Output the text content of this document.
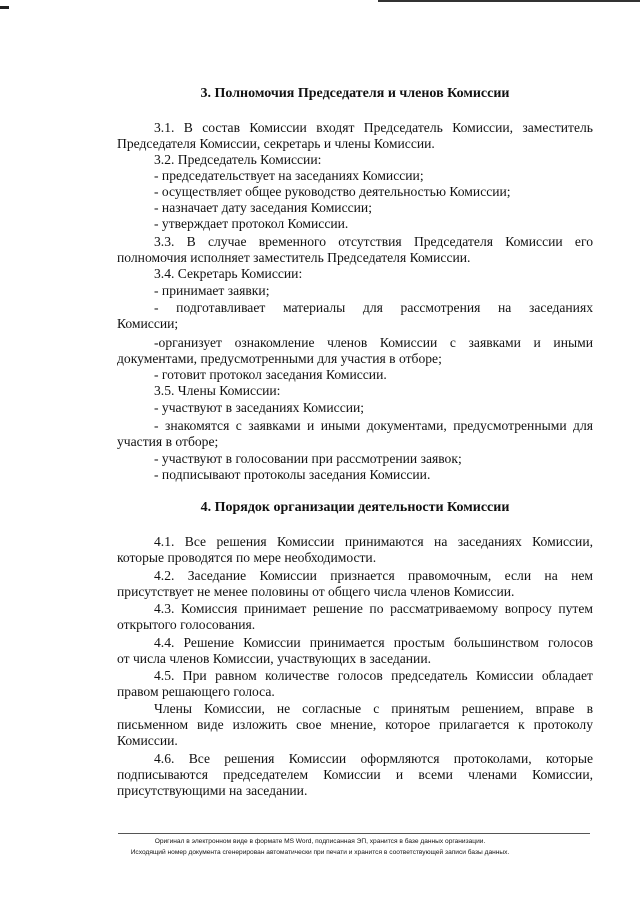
3. Полномочия Председателя и членов Комиссии
3.1. В состав Комиссии входят Председатель Комиссии, заместитель
Председателя Комиссии, секретарь и члены Комиссии.
3.2. Председатель Комиссии:
- председательствует на заседаниях Комиссии;
- осуществляет общее руководство деятельностью Комиссии;
- назначает дату заседания Комиссии;
- утверждает протокол Комиссии.
3.3. В случае временного отсутствия Председателя Комиссии его
полномочия исполняет заместитель Председателя Комиссии.
3.4. Секретарь Комиссии:
- принимает заявки;
- подготавливает материалы для рассмотрения на заседаниях
Комиссии;
-организует ознакомление членов Комиссии с заявками и иными
документами, предусмотренными для участия в отборе;
- готовит протокол заседания Комиссии.
3.5. Члены Комиссии:
- участвуют в заседаниях Комиссии;
- знакомятся с заявками и иными документами, предусмотренными для
участия в отборе;
- участвуют в голосовании при рассмотрении заявок;
- подписывают протоколы заседания Комиссии.
4. Порядок организации деятельности Комиссии
4.1. Все решения Комиссии принимаются на заседаниях Комиссии,
которые проводятся по мере необходимости.
4.2. Заседание Комиссии признается правомочным, если на нем
присутствует не менее половины от общего числа членов Комиссии.
4.3. Комиссия принимает решение по рассматриваемому вопросу путем
открытого голосования.
4.4. Решение Комиссии принимается простым большинством голосов
от числа членов Комиссии, участвующих в заседании.
4.5. При равном количестве голосов председатель Комиссии обладает
правом решающего голоса.
Члены Комиссии, не согласные с принятым решением, вправе в
письменном виде изложить свое мнение, которое прилагается к протоколу
Комиссии.
4.6. Все решения Комиссии оформляются протоколами, которые
подписываются председателем Комиссии и всеми членами Комиссии,
присутствующими на заседании.
Оригинал в электронном виде в формате MS Word, подписанная ЭП, хранится в базе данных организации.
Исходящий номер документа сгенерирован автоматически при печати и хранится в соответствующей записи базы данных.
